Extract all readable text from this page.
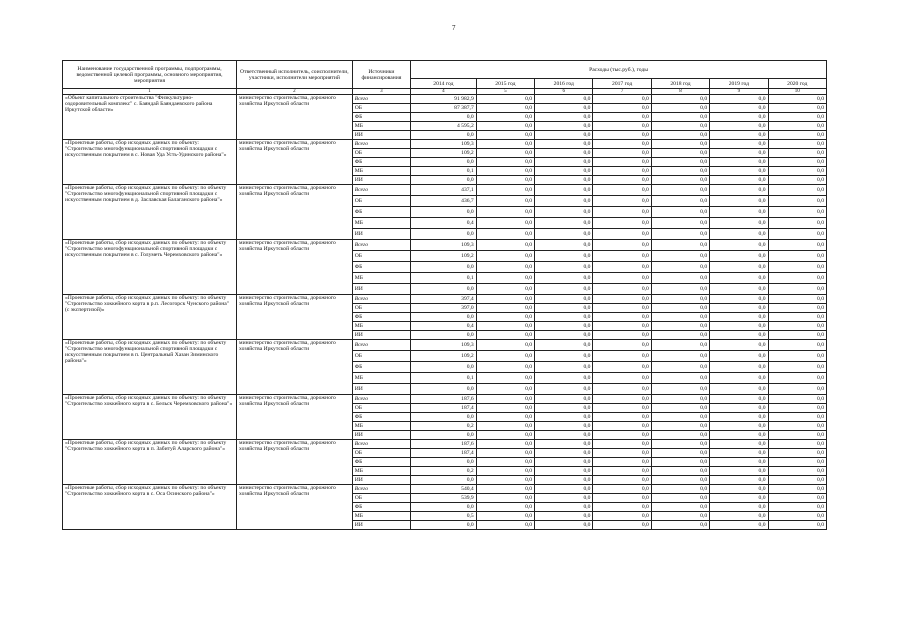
7
Наименование государственной программы, подпрограммы, ведомственной целевой программы, основного мероприятия, мероприятия	Ответственный исполнитель, соисполнители, участники, исполнители мероприятий	Источники финансирования	Расходы (тыс.руб.), годы						
			2014 год	2015 год	2016 год	2017 год	2018 год	2019 год	2020 год
1	2	3	4	5	6	7	8	9	10
«Объект капитального строительства "Физкультурно-оздоровительный комплекс" с. Баяндай Баяндаевского района Иркутской области»	министерство строительства, дорожного хозяйства Иркутской области	Всего	91 982,9	0,0	0,0	0,0	0,0	0,0	0,0
		ОБ	87 387,7	0,0	0,0	0,0	0,0	0,0	0,0
		ФБ	0,0	0,0	0,0	0,0	0,0	0,0	0,0
		МБ	4 595,2	0,0	0,0	0,0	0,0	0,0	0,0
		ИИ	0,0	0,0	0,0	0,0	0,0	0,0	0,0
«Проектные работы, сбор исходных данных по объекту: "Строительство многофункциональной спортивной площадки с искусственным покрытием в с. Новая Уда Усть-Удинского района"»	министерство строительства, дорожного хозяйства Иркутской области	Всего	109,3	0,0	0,0	0,0	0,0	0,0	0,0
		ОБ	109,2	0,0	0,0	0,0	0,0	0,0	0,0
		ФБ	0,0	0,0	0,0	0,0	0,0	0,0	0,0
		МБ	0,1	0,0	0,0	0,0	0,0	0,0	0,0
		ИИ	0,0	0,0	0,0	0,0	0,0	0,0	0,0
«Проектные работы, сбор исходных данных по объекту: по объекту "Строительство многофункциональной спортивной площадки с искусственным покрытием в д. Заславская Балаганского района"»	министерство строительства, дорожного хозяйства Иркутской области	Всего	437,1	0,0	0,0	0,0	0,0	0,0	0,0
		ОБ	436,7	0,0	0,0	0,0	0,0	0,0	0,0
		ФБ	0,0	0,0	0,0	0,0	0,0	0,0	0,0
		МБ	0,4	0,0	0,0	0,0	0,0	0,0	0,0
		ИИ	0,0	0,0	0,0	0,0	0,0	0,0	0,0
«Проектные работы, сбор исходных данных по объекту: по объекту "Строительство многофункциональной спортивной площадки с искусственным покрытием в с. Голуметь Черемховского района"»	министерство строительства, дорожного хозяйства Иркутской области	Всего	109,3	0,0	0,0	0,0	0,0	0,0	0,0
		ОБ	109,2	0,0	0,0	0,0	0,0	0,0	0,0
		ФБ	0,0	0,0	0,0	0,0	0,0	0,0	0,0
		МБ	0,1	0,0	0,0	0,0	0,0	0,0	0,0
		ИИ	0,0	0,0	0,0	0,0	0,0	0,0	0,0
«Проектные работы, сбор исходных данных по объекту: по объекту "Строительство хоккейного корта в р.п. Лесогорск Чунского района" (с экспертизой)»	министерство строительства, дорожного хозяйства Иркутской области	Всего	397,4	0,0	0,0	0,0	0,0	0,0	0,0
		ОБ	397,0	0,0	0,0	0,0	0,0	0,0	0,0
		ФБ	0,0	0,0	0,0	0,0	0,0	0,0	0,0
		МБ	0,4	0,0	0,0	0,0	0,0	0,0	0,0
		ИИ	0,0	0,0	0,0	0,0	0,0	0,0	0,0
«Проектные работы, сбор исходных данных по объекту: по объекту "Строительство многофункциональной спортивной площадки с искусственным покрытием в п. Центральный Хазан Зиминского района"»	министерство строительства, дорожного хозяйства Иркутской области	Всего	109,3	0,0	0,0	0,0	0,0	0,0	0,0
		ОБ	109,2	0,0	0,0	0,0	0,0	0,0	0,0
		ФБ	0,0	0,0	0,0	0,0	0,0	0,0	0,0
		МБ	0,1	0,0	0,0	0,0	0,0	0,0	0,0
		ИИ	0,0	0,0	0,0	0,0	0,0	0,0	0,0
«Проектные работы, сбор исходных данных по объекту: по объекту "Строительство хоккейного корта в с. Бельск Черемховского района"»	министерство строительства, дорожного хозяйства Иркутской области	Всего	187,6	0,0	0,0	0,0	0,0	0,0	0,0
		ОБ	187,4	0,0	0,0	0,0	0,0	0,0	0,0
		ФБ	0,0	0,0	0,0	0,0	0,0	0,0	0,0
		МБ	0,2	0,0	0,0	0,0	0,0	0,0	0,0
		ИИ	0,0	0,0	0,0	0,0	0,0	0,0	0,0
«Проектные работы, сбор исходных данных по объекту: по объекту "Строительство хоккейного корта в п. Забитуй Аларского района"»	министерство строительства, дорожного хозяйства Иркутской области	Всего	187,6	0,0	0,0	0,0	0,0	0,0	0,0
		ОБ	187,4	0,0	0,0	0,0	0,0	0,0	0,0
		ФБ	0,0	0,0	0,0	0,0	0,0	0,0	0,0
		МБ	0,2	0,0	0,0	0,0	0,0	0,0	0,0
		ИИ	0,0	0,0	0,0	0,0	0,0	0,0	0,0
«Проектные работы, сбор исходных данных по объекту: по объекту "Строительство хоккейного корта в с. Оса Осинского района"»	министерство строительства, дорожного хозяйства Иркутской области	Всего	540,4	0,0	0,0	0,0	0,0	0,0	0,0
		ОБ	539,9	0,0	0,0	0,0	0,0	0,0	0,0
		ФБ	0,0	0,0	0,0	0,0	0,0	0,0	0,0
		МБ	0,5	0,0	0,0	0,0	0,0	0,0	0,0
		ИИ	0,0	0,0	0,0	0,0	0,0	0,0	0,0
